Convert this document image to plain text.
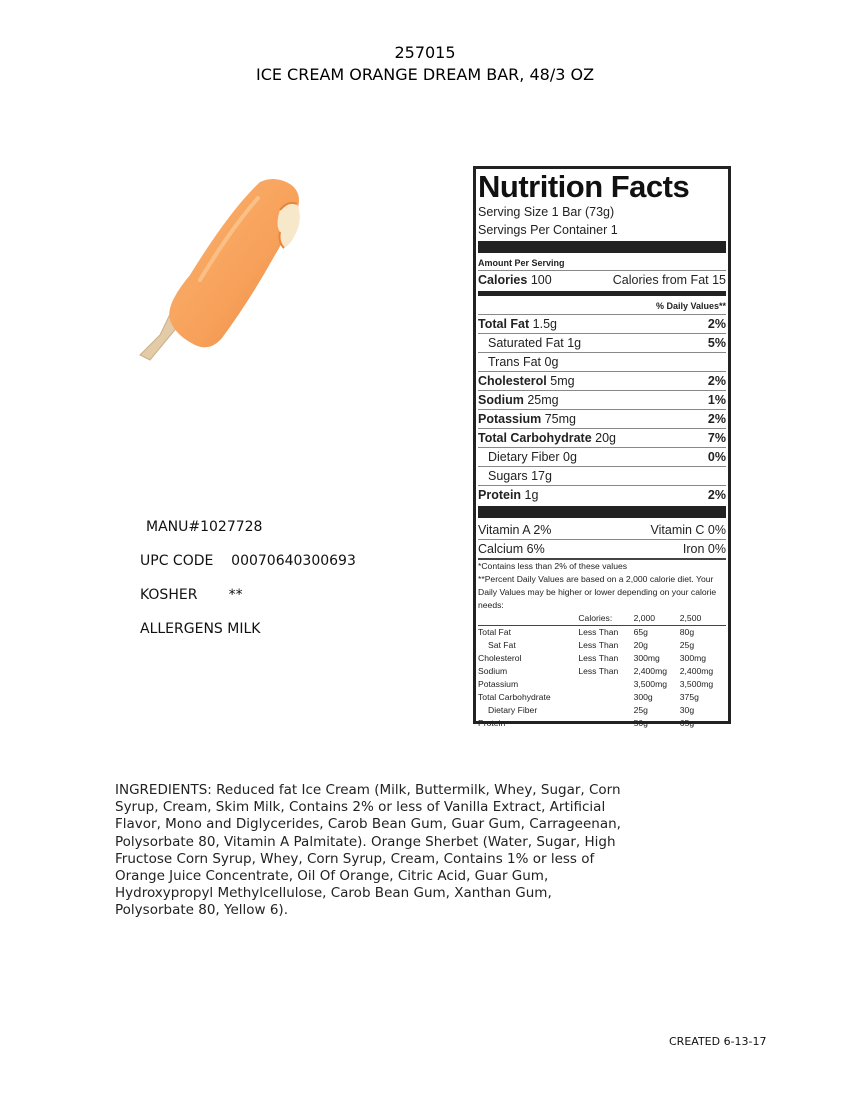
257015
ICE CREAM ORANGE DREAM BAR, 48/3 OZ
MANU#1027728
UPC CODE 00070640300693
KOSHER **
ALLERGENS MILK
Nutrition Facts
Serving Size 1 Bar (73g)
Servings Per Container 1
Amount Per Serving
Calories 100	Calories from Fat 15
% Daily Values**
Total Fat 1.5g	2%
Saturated Fat 1g	5%
Trans Fat 0g
Cholesterol 5mg	2%
Sodium 25mg	1%
Potassium 75mg	2%
Total Carbohydrate 20g	7%
Dietary Fiber 0g	0%
Sugars 17g
Protein 1g	2%
Vitamin A 2%	Vitamin C 0%
Calcium 6%	Iron 0%
*Contains less than 2% of these values
**Percent Daily Values are based on a 2,000 calorie diet. Your Daily Values may be higher or lower depending on your calorie needs:
	Calories:	2,000	2,500
Total Fat	Less Than	65g	80g
Sat Fat	Less Than	20g	25g
Cholesterol	Less Than	300mg	300mg
Sodium	Less Than	2,400mg	2,400mg
Potassium		3,500mg	3,500mg
Total Carbohydrate		300g	375g
Dietary Fiber		25g	30g
Protein		50g	65g
INGREDIENTS: Reduced fat Ice Cream (Milk, Buttermilk, Whey, Sugar, Corn
Syrup, Cream, Skim Milk, Contains 2% or less of Vanilla Extract, Artificial
Flavor, Mono and Diglycerides, Carob Bean Gum, Guar Gum, Carrageenan,
Polysorbate 80, Vitamin A Palmitate). Orange Sherbet (Water, Sugar, High
Fructose Corn Syrup, Whey, Corn Syrup, Cream, Contains 1% or less of
Orange Juice Concentrate, Oil Of Orange, Citric Acid, Guar Gum,
Hydroxypropyl Methylcellulose, Carob Bean Gum, Xanthan Gum,
Polysorbate 80, Yellow 6).
CREATED 6-13-17
